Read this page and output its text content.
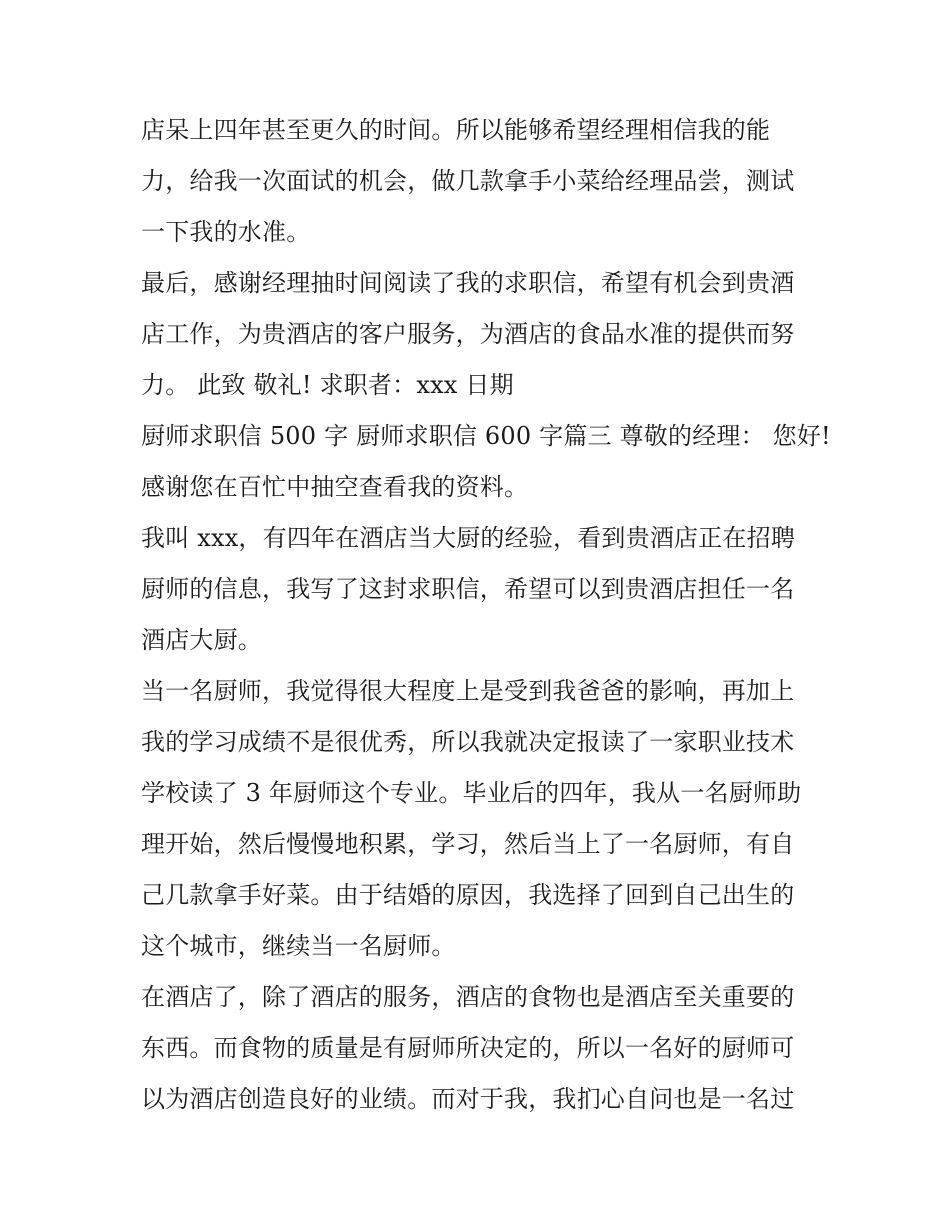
店呆上四年甚至更久的时间。所以能够希望经理相信我的能
力，给我一次面试的机会，做几款拿手小菜给经理品尝，测试
一下我的水准。
最后，感谢经理抽时间阅读了我的求职信，希望有机会到贵酒
店工作，为贵酒店的客户服务，为酒店的食品水准的提供而努
力。 此致 敬礼! 求职者：xxx 日期
厨师求职信 500 字 厨师求职信 600 字篇三 尊敬的经理： 您好!
感谢您在百忙中抽空查看我的资料。
我叫 xxx，有四年在酒店当大厨的经验，看到贵酒店正在招聘
厨师的信息，我写了这封求职信，希望可以到贵酒店担任一名
酒店大厨。
当一名厨师，我觉得很大程度上是受到我爸爸的影响，再加上
我的学习成绩不是很优秀，所以我就决定报读了一家职业技术
学校读了 3 年厨师这个专业。毕业后的四年，我从一名厨师助
理开始，然后慢慢地积累，学习，然后当上了一名厨师，有自
己几款拿手好菜。由于结婚的原因，我选择了回到自己出生的
这个城市，继续当一名厨师。
在酒店了，除了酒店的服务，酒店的食物也是酒店至关重要的
东西。而食物的质量是有厨师所决定的，所以一名好的厨师可
以为酒店创造良好的业绩。而对于我，我扪心自问也是一名过
